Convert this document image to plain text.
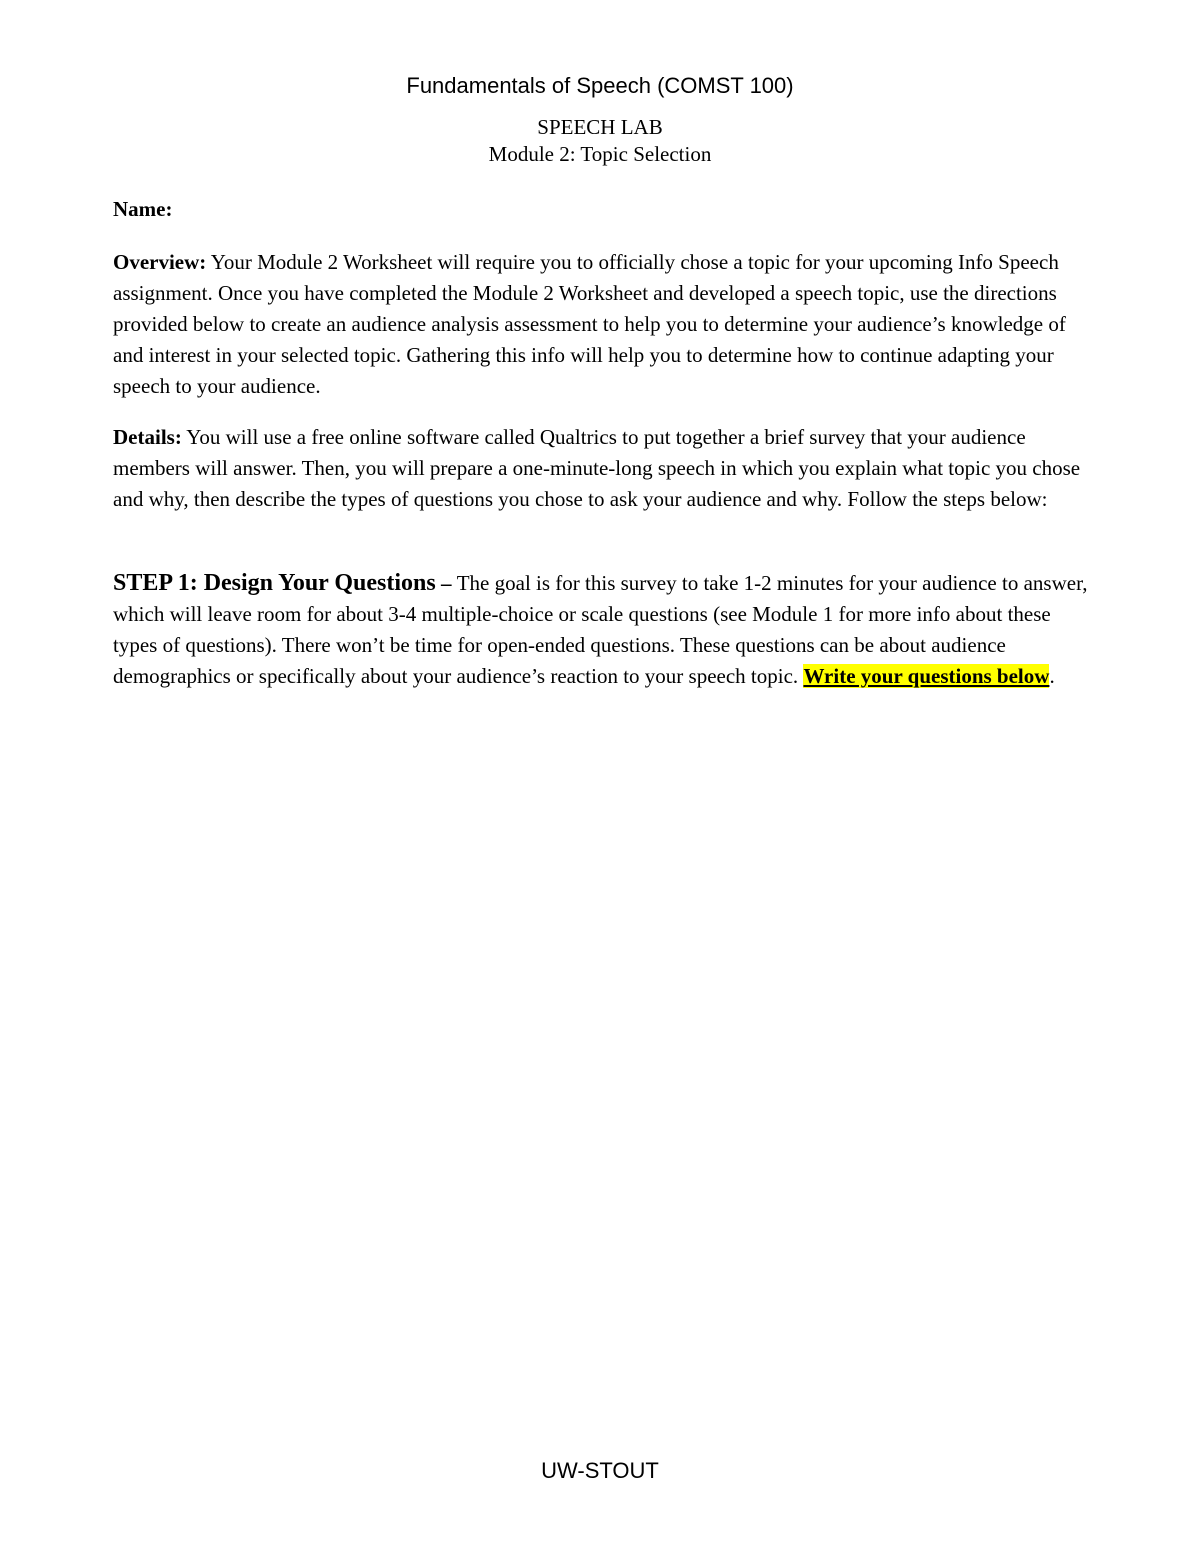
Fundamentals of Speech (COMST 100)

SPEECH LAB

Module 2: Topic Selection

Name:

Overview: Your Module 2 Worksheet will require you to officially chose a topic for your upcoming Info Speech assignment. Once you have completed the Module 2 Worksheet and developed a speech topic, use the directions provided below to create an audience analysis assessment to help you to determine your audience’s knowledge of and interest in your selected topic. Gathering this info will help you to determine how to continue adapting your speech to your audience.

Details: You will use a free online software called Qualtrics to put together a brief survey that your audience members will answer. Then, you will prepare a one-minute-long speech in which you explain what topic you chose and why, then describe the types of questions you chose to ask your audience and why. Follow the steps below:

STEP 1: Design Your Questions – The goal is for this survey to take 1-2 minutes for your audience to answer, which will leave room for about 3-4 multiple-choice or scale questions (see Module 1 for more info about these types of questions). There won’t be time for open-ended questions. These questions can be about audience demographics or specifically about your audience’s reaction to your speech topic. Write your questions below.

UW-STOUT
